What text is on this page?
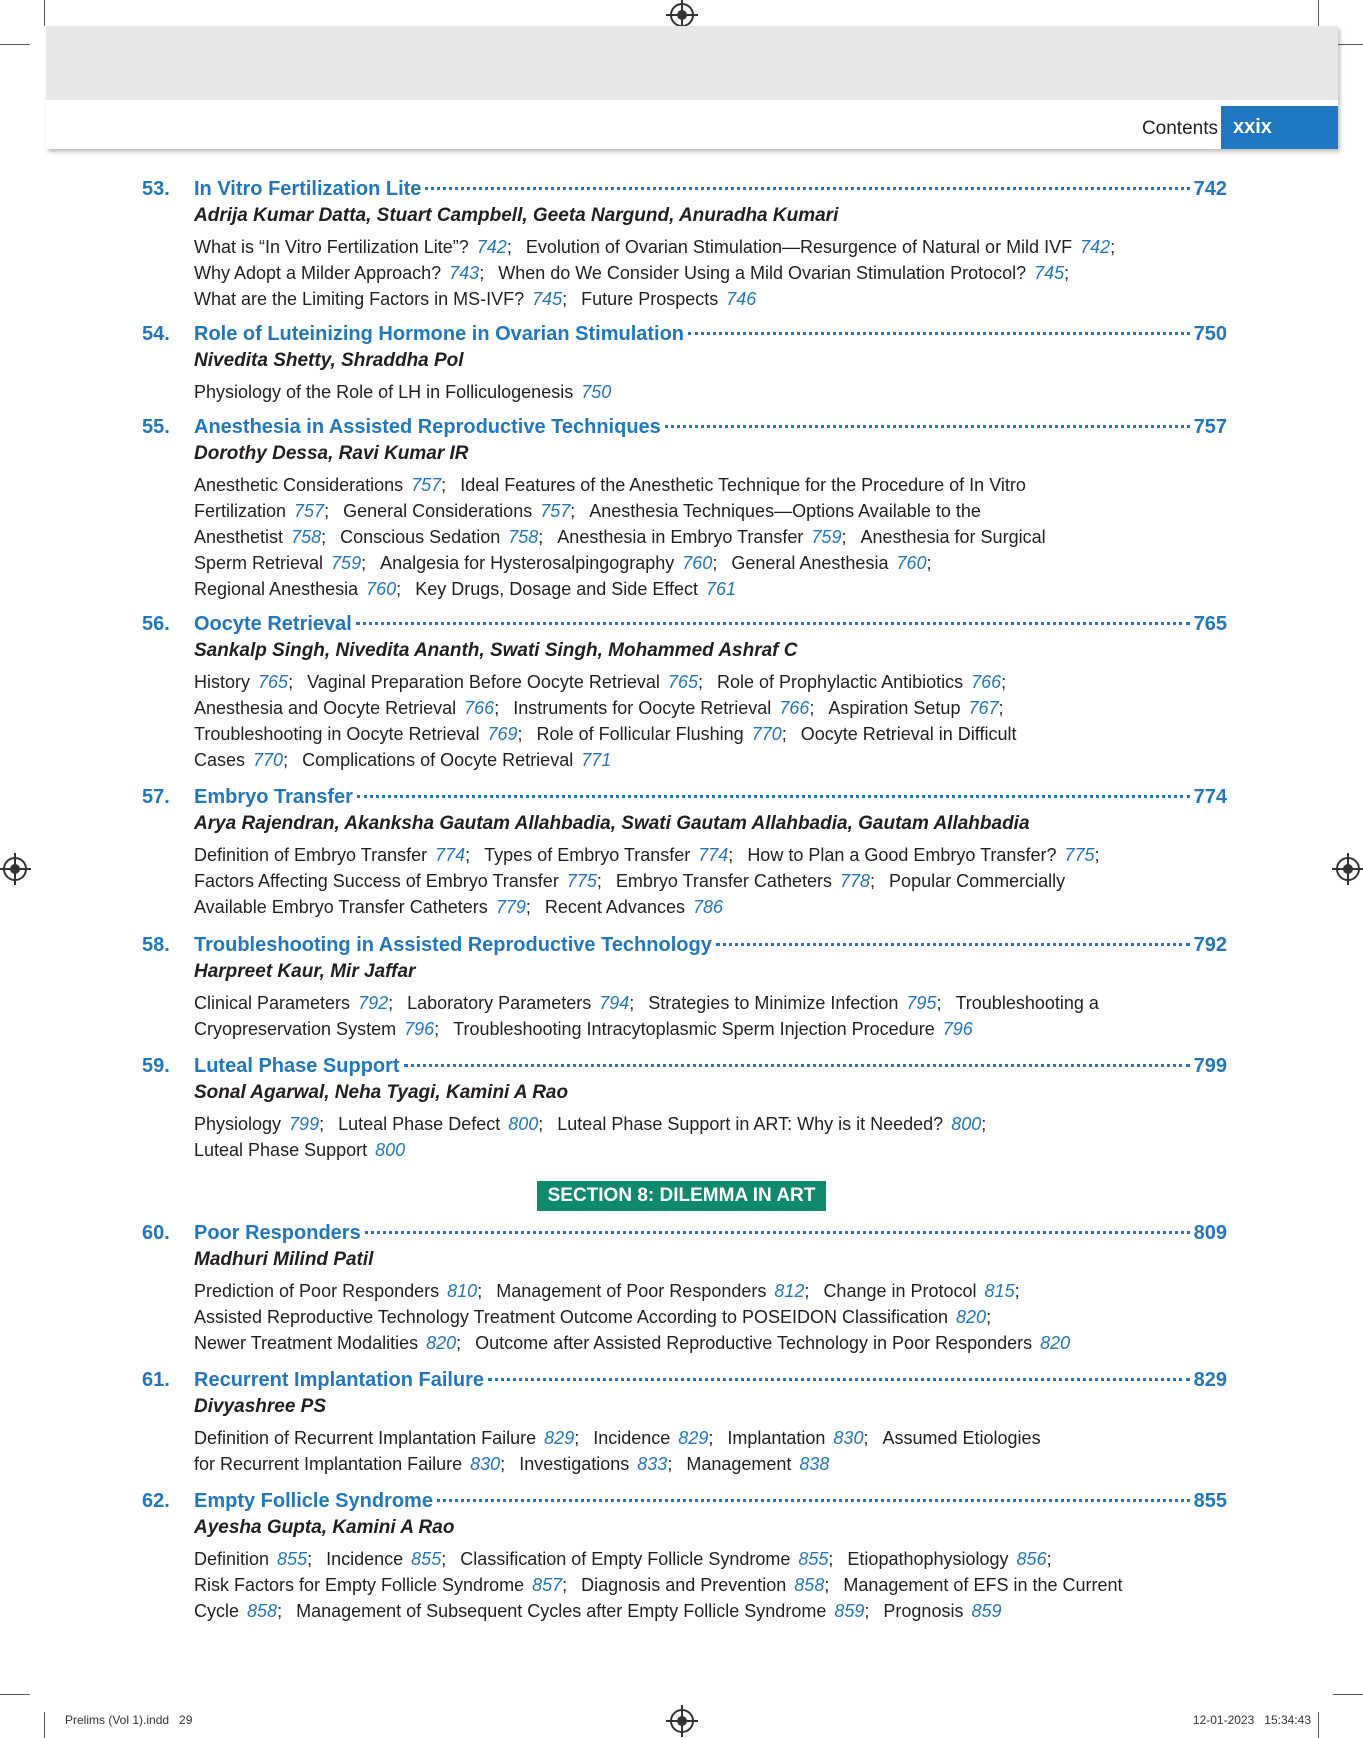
Contents xxix
53. In Vitro Fertilization Lite	742
Adrija Kumar Datta, Stuart Campbell, Geeta Nargund, Anuradha Kumari
What is “In Vitro Fertilization Lite”? 742; Evolution of Ovarian Stimulation—Resurgence of Natural or Mild IVF 742;
Why Adopt a Milder Approach? 743; When do We Consider Using a Mild Ovarian Stimulation Protocol? 745;
What are the Limiting Factors in MS-IVF? 745; Future Prospects 746
54. Role of Luteinizing Hormone in Ovarian Stimulation	750
Nivedita Shetty, Shraddha Pol
Physiology of the Role of LH in Folliculogenesis 750
55. Anesthesia in Assisted Reproductive Techniques	757
Dorothy Dessa, Ravi Kumar IR
Anesthetic Considerations 757; Ideal Features of the Anesthetic Technique for the Procedure of In Vitro
Fertilization 757; General Considerations 757; Anesthesia Techniques—Options Available to the
Anesthetist 758; Conscious Sedation 758; Anesthesia in Embryo Transfer 759; Anesthesia for Surgical
Sperm Retrieval 759; Analgesia for Hysterosalpingography 760; General Anesthesia 760;
Regional Anesthesia 760; Key Drugs, Dosage and Side Effect 761
56. Oocyte Retrieval	765
Sankalp Singh, Nivedita Ananth, Swati Singh, Mohammed Ashraf C
History 765; Vaginal Preparation Before Oocyte Retrieval 765; Role of Prophylactic Antibiotics 766;
Anesthesia and Oocyte Retrieval 766; Instruments for Oocyte Retrieval 766; Aspiration Setup 767;
Troubleshooting in Oocyte Retrieval 769; Role of Follicular Flushing 770; Oocyte Retrieval in Difficult
Cases 770; Complications of Oocyte Retrieval 771
57. Embryo Transfer	774
Arya Rajendran, Akanksha Gautam Allahbadia, Swati Gautam Allahbadia, Gautam Allahbadia
Definition of Embryo Transfer 774; Types of Embryo Transfer 774; How to Plan a Good Embryo Transfer? 775;
Factors Affecting Success of Embryo Transfer 775; Embryo Transfer Catheters 778; Popular Commercially
Available Embryo Transfer Catheters 779; Recent Advances 786
58. Troubleshooting in Assisted Reproductive Technology	792
Harpreet Kaur, Mir Jaffar
Clinical Parameters 792; Laboratory Parameters 794; Strategies to Minimize Infection 795; Troubleshooting a
Cryopreservation System 796; Troubleshooting Intracytoplasmic Sperm Injection Procedure 796
59. Luteal Phase Support	799
Sonal Agarwal, Neha Tyagi, Kamini A Rao
Physiology 799; Luteal Phase Defect 800; Luteal Phase Support in ART: Why is it Needed? 800;
Luteal Phase Support 800
60. Poor Responders	809
Madhuri Milind Patil
Prediction of Poor Responders 810; Management of Poor Responders 812; Change in Protocol 815;
Assisted Reproductive Technology Treatment Outcome According to POSEIDON Classification 820;
Newer Treatment Modalities 820; Outcome after Assisted Reproductive Technology in Poor Responders 820
61. Recurrent Implantation Failure	829
Divyashree PS
Definition of Recurrent Implantation Failure 829; Incidence 829; Implantation 830; Assumed Etiologies
for Recurrent Implantation Failure 830; Investigations 833; Management 838
62. Empty Follicle Syndrome	855
Ayesha Gupta, Kamini A Rao
Definition 855; Incidence 855; Classification of Empty Follicle Syndrome 855; Etiopathophysiology 856;
Risk Factors for Empty Follicle Syndrome 857; Diagnosis and Prevention 858; Management of EFS in the Current
Cycle 858; Management of Subsequent Cycles after Empty Follicle Syndrome 859; Prognosis 859
SECTION 8: DILEMMA IN ART
Prelims (Vol 1).indd   29	12-01-2023   15:34:43
